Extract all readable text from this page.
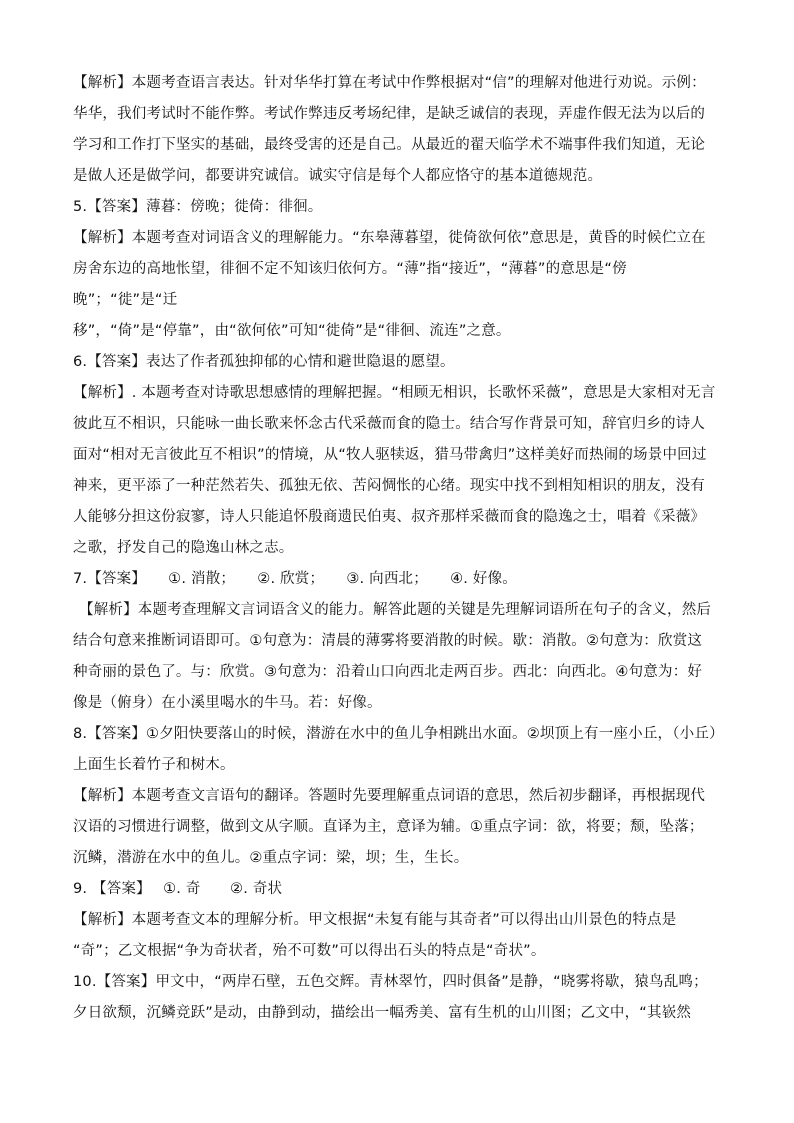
【解析】本题考查语言表达。针对华华打算在考试中作弊根据对“信”的理解对他进行劝说。示例：

华华，我们考试时不能作弊。考试作弊违反考场纪律，是缺乏诚信的表现，弄虚作假无法为以后的

学习和工作打下坚实的基础，最终受害的还是自己。从最近的翟天临学术不端事件我们知道，无论

是做人还是做学问，都要讲究诚信。诚实守信是每个人都应恪守的基本道德规范。

5.【答案】薄暮：傍晚；徙倚：徘徊。

【解析】本题考查对词语含义的理解能力。“东皋薄暮望，徙倚欲何依”意思是，黄昏的时候伫立在

房舍东边的高地怅望，徘徊不定不知该归依何方。“薄”指“接近”，“薄暮”的意思是“傍晚”；“徙”是“迁

移”，“倚”是“停靠”，由“欲何依”可知“徙倚”是“徘徊、流连”之意。

6.【答案】表达了作者孤独抑郁的心情和避世隐退的愿望。

【解析】. 本题考查对诗歌思想感情的理解把握。“相顾无相识，长歌怀采薇”，意思是大家相对无言

彼此互不相识，只能咏一曲长歌来怀念古代采薇而食的隐士。结合写作背景可知，辞官归乡的诗人

面对“相对无言彼此互不相识”的情境，从“牧人驱犊返，猎马带禽归”这样美好而热闹的场景中回过

神来，更平添了一种茫然若失、孤独无依、苦闷惆怅的心绪。现实中找不到相知相识的朋友，没有

人能够分担这份寂寥，诗人只能追怀殷商遗民伯夷、叔齐那样采薇而食的隐逸之士，唱着《采薇》

之歌，抒发自己的隐逸山林之志。

7.【答案】　　①. 消散；　　②. 欣赏；　　③. 向西北；　　④. 好像。

【解析】本题考查理解文言词语含义的能力。解答此题的关键是先理解词语所在句子的含义，然后

结合句意来推断词语即可。①句意为：清晨的薄雾将要消散的时候。歇：消散。②句意为：欣赏这

种奇丽的景色了。与：欣赏。③句意为：沿着山口向西北走两百步。西北：向西北。④句意为：好

像是（俯身）在小溪里喝水的牛马。若：好像。

8.【答案】①夕阳快要落山的时候，潜游在水中的鱼儿争相跳出水面。②坝顶上有一座小丘，（小丘）

上面生长着竹子和树木。

【解析】本题考查文言语句的翻译。答题时先要理解重点词语的意思，然后初步翻译，再根据现代

汉语的习惯进行调整，做到文从字顺。直译为主，意译为辅。①重点字词：欲，将要；颓，坠落；

沉鳞，潜游在水中的鱼儿。②重点字词：梁，坝；生，生长。

9. 【答案】　 ①. 奇　　②. 奇状

【解析】本题考查文本的理解分析。甲文根据“未复有能与其奇者”可以得出山川景色的特点是

“奇”；乙文根据“争为奇状者，殆不可数”可以得出石头的特点是“奇状”。

10.【答案】甲文中，“两岸石壁，五色交辉。青林翠竹，四时俱备”是静，“晓雾将歇，猿鸟乱鸣；

夕日欲颓，沉鳞竞跃”是动，由静到动，描绘出一幅秀美、富有生机的山川图；乙文中，“其嵚然
